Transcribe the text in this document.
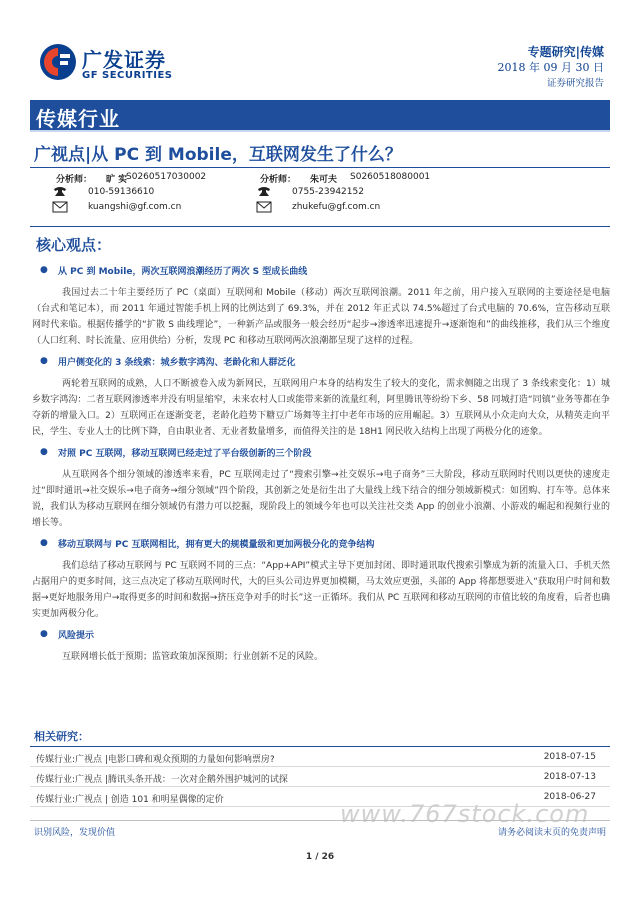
广发证券
GF SECURITIES
专题研究|传媒
2018 年 09 月 30 日
证券研究报告
传媒行业
广视点|从 PC 到 Mobile，互联网发生了什么？
分析师： 旷 实
S0260517030002
010-59136610
kuangshi@gf.com.cn
分析师： 朱可夫 S0260518080001
0755-23942152
zhukefu@gf.com.cn
核心观点：
● 从 PC 到 Mobile，两次互联网浪潮经历了两次 S 型成长曲线

我国过去二十年主要经历了 PC（桌面）互联网和 Mobile（移动）两次互联网浪潮。2011 年之前，用户接入互联网的主要途径是电脑（台式和笔记本），而 2011 年通过智能手机上网的比例达到了 69.3%，并在 2012 年正式以 74.5%超过了台式电脑的 70.6%，宣告移动互联网时代来临。根据传播学的“扩散 S 曲线理论”，一种新产品或服务一般会经历“起步→渗透率迅速提升→逐渐饱和”的曲线推移，我们从三个维度（人口红利、时长流量、应用供给）分析，发现 PC 和移动互联网两次浪潮都呈现了这样的过程。

● 用户侧变化的 3 条线索：城乡数字鸿沟、老龄化和人群泛化

两轮着互联网的成熟，人口不断被卷入成为新网民，互联网用户本身的结构发生了较大的变化，需求侧随之出现了 3 条线索变化：1）城乡数字鸿沟：二者互联网渗透率并没有明显缩窄，未来农村人口或能带来新的流量红利，阿里腾讯等纷纷下乡、58 同城打造“同镇”业务等都在争夺新的增量入口。2）互联网正在逐渐变老，老龄化趋势下糖豆广场舞等主打中老年市场的应用崛起。3）互联网从小众走向大众，从精英走向平民，学生、专业人士的比例下降，自由职业者、无业者数量增多，而值得关注的是 18H1 网民收入结构上出现了两极分化的迹象。

● 对照 PC 互联网，移动互联网已经走过了平台级创新的三个阶段

从互联网各个细分领域的渗透率来看，PC 互联网走过了“搜索引擎→社交娱乐→电子商务”三大阶段，移动互联网时代则以更快的速度走过“即时通讯→社交娱乐→电子商务→细分领域”四个阶段，其创新之处是衍生出了大量线上线下结合的细分领域新模式：如团购、打车等。总体来说，我们认为移动互联网在细分领域仍有潜力可以挖掘，现阶段上的领域今年也可以关注社交类 App 的创业小浪潮、小游戏的崛起和视频行业的增长等。

● 移动互联网与 PC 互联网相比，拥有更大的规模量级和更加两极分化的竞争结构

我们总结了移动互联网与 PC 互联网不同的三点：“App+API”模式主导下更加封闭、即时通讯取代搜索引擎成为新的流量入口、手机天然占据用户的更多时间，这三点决定了移动互联网时代，大的巨头公司边界更加模糊，马太效应更强，头部的 App 将都想要进入“获取用户时间和数据→更好地服务用户→取得更多的时间和数据→挤压竞争对手的时长”这一正循环。我们从 PC 互联网和移动互联网的市值比较的角度看，后者也确实更加两极分化。

● 风险提示

互联网增长低于预期；监管政策加深预期；行业创新不足的风险。

相关研究：
传媒行业:广视点 |电影口碑和观众预期的力量如何影响票房?	2018-07-15
传媒行业:广视点 |腾讯头条开战：一次对企鹅外围护城河的试探	2018-07-13
传媒行业:广视点 | 创造 101 和明星偶像的定价	2018-06-27
www.767stock.com
识别风险，发现价值	请务必阅读末页的免责声明
1 / 26
